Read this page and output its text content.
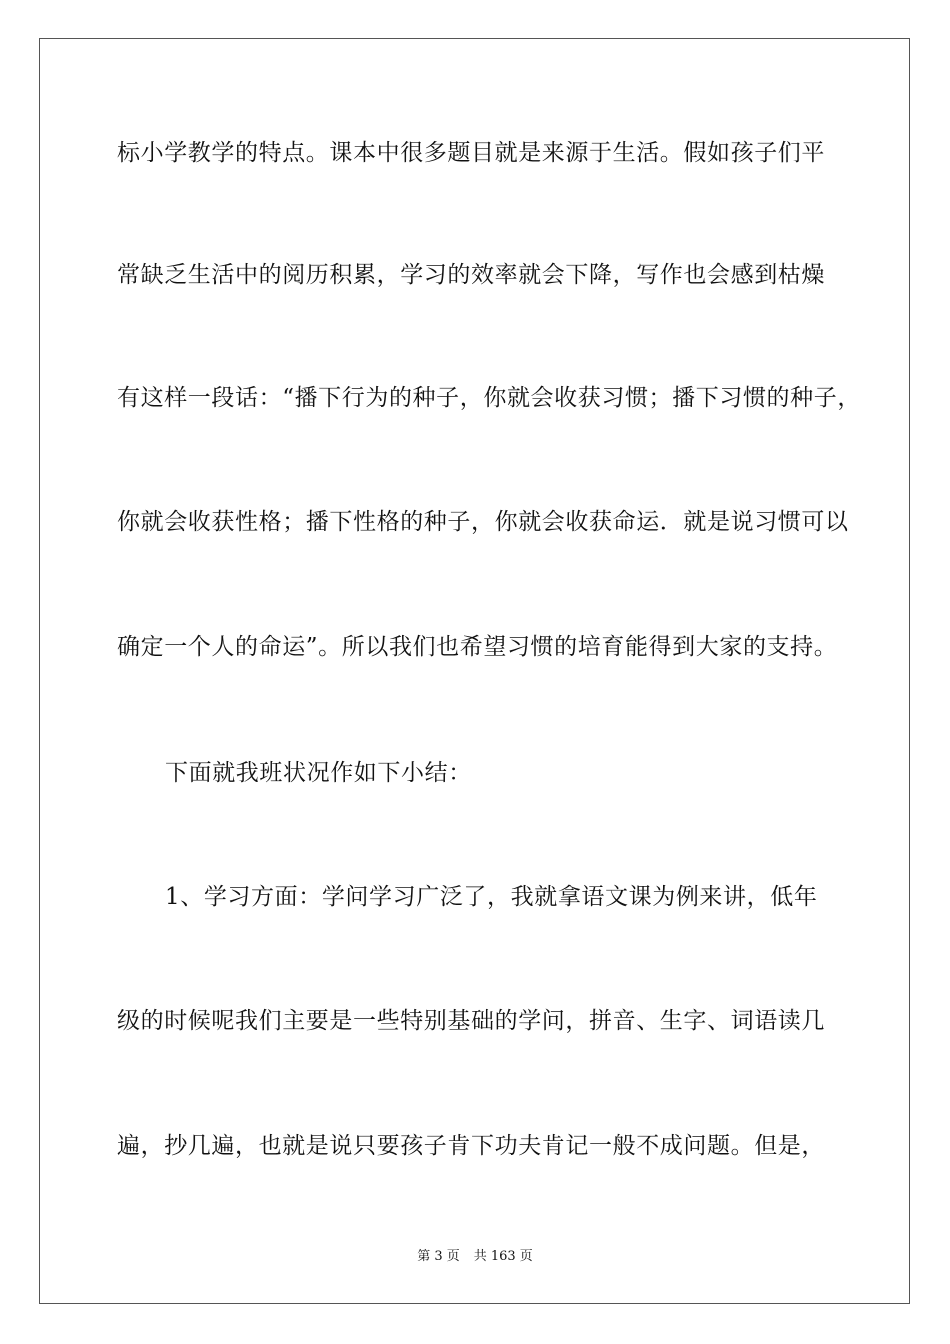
标小学教学的特点。课本中很多题目就是来源于生活。假如孩子们平
常缺乏生活中的阅历积累，学习的效率就会下降，写作也会感到枯燥
有这样一段话：“播下行为的种子，你就会收获习惯；播下习惯的种子，
你就会收获性格；播下性格的种子，你就会收获命运．就是说习惯可以
确定一个人的命运”。所以我们也希望习惯的培育能得到大家的支持。
下面就我班状况作如下小结：
1、学习方面：学问学习广泛了，我就拿语文课为例来讲，低年
级的时候呢我们主要是一些特别基础的学问，拼音、生字、词语读几
遍，抄几遍，也就是说只要孩子肯下功夫肯记一般不成问题。但是，
第 3 页 共 163 页
